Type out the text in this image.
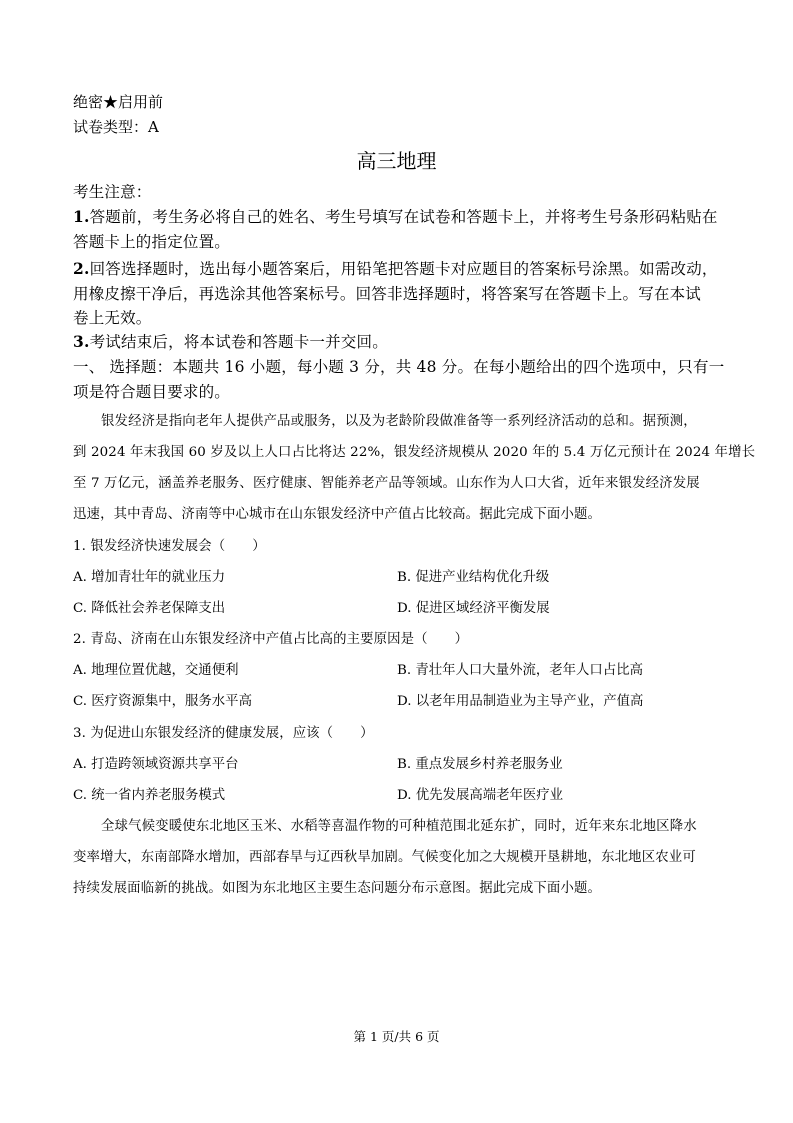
绝密★启用前
试卷类型：A
高三地理
考生注意：
1.答题前，考生务必将自己的姓名、考生号填写在试卷和答题卡上，并将考生号条形码粘贴在
答题卡上的指定位置。
2.回答选择题时，选出每小题答案后，用铅笔把答题卡对应题目的答案标号涂黑。如需改动，
用橡皮擦干净后，再选涂其他答案标号。回答非选择题时，将答案写在答题卡上。写在本试
卷上无效。
3.考试结束后，将本试卷和答题卡一并交回。
一、 选择题：本题共 16 小题，每小题 3 分，共 48 分。在每小题给出的四个选项中，只有一
项是符合题目要求的。
银发经济是指向老年人提供产品或服务，以及为老龄阶段做准备等一系列经济活动的总和。据预测，
到 2024 年末我国 60 岁及以上人口占比将达 22%，银发经济规模从 2020 年的 5.4 万亿元预计在 2024 年增长
至 7 万亿元，涵盖养老服务、医疗健康、智能养老产品等领域。山东作为人口大省，近年来银发经济发展
迅速，其中青岛、济南等中心城市在山东银发经济中产值占比较高。据此完成下面小题。
1. 银发经济快速发展会（　　）
A. 增加青壮年的就业压力	B. 促进产业结构优化升级
C. 降低社会养老保障支出	D. 促进区域经济平衡发展
2. 青岛、济南在山东银发经济中产值占比高的主要原因是（　　）
A. 地理位置优越，交通便利	B. 青壮年人口大量外流，老年人口占比高
C. 医疗资源集中，服务水平高	D. 以老年用品制造业为主导产业，产值高
3. 为促进山东银发经济的健康发展，应该（　　）
A. 打造跨领域资源共享平台	B. 重点发展乡村养老服务业
C. 统一省内养老服务模式	D. 优先发展高端老年医疗业
全球气候变暖使东北地区玉米、水稻等喜温作物的可种植范围北延东扩，同时，近年来东北地区降水
变率增大，东南部降水增加，西部春旱与辽西秋旱加剧。气候变化加之大规模开垦耕地，东北地区农业可
持续发展面临新的挑战。如图为东北地区主要生态问题分布示意图。据此完成下面小题。
第 1 页/共 6 页
